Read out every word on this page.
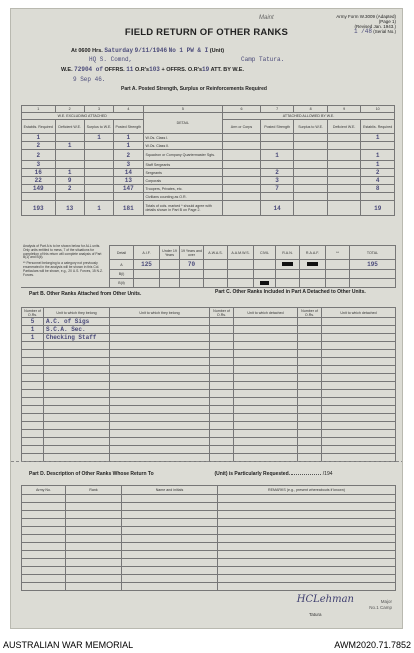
Maint	Army Form W.3009 (Adapted)
(Page 1)
(Revised Jan. 1943.)
1 /48 (Serial No.)
FIELD RETURN OF OTHER RANKS
At 0600 Hrs. Saturday 9/11/1946 No 1 PW & I (Unit)
HQ S. Comnd,	Camp Tatura.
W.E. 72904 of OFFRS. 11 O.R's103 + OFFRS. O.R's19 ATT. BY W.E.
9 Sep 46.
Part A. Posted Strength, Surplus or Reinforcements Required
1	2	3	4	5	6	7	8	9	10
W.E. EXCLUDING ATTACHED				DETAIL	ATTACHED ALLOWED BY W.E.				
Establis. Required	Deficient W.E.	Surplus to W.E.	Posted Strength		Arm or Corps	Posted Strength	Surplus to W.E.	Deficient W.E.	Establis. Required
1		1	1	W.Os. Class I.					1
2	1		1	W.Os. Class II.					
2			2	Squadron or Company Quartermaster Sgts.		1			1
3			3	Staff Sergeants					1
16	1		14	Sergeants		2			2
22	9		13	Corporals		3			4
149	2		147	Troopers, Privates, etc.		7			8
				Civilians counting as O.R.					
193	13	1	181	Totals of cols. marked * should agree with details shown in Part B on Page 2.		14			19
Analysis of Part A is to be shown below for ALL units. Only units entitled to mess, 7 of the situations for completion of this return will complete analysis of Part B(1) and B(ii).
** Personnel belonging to a category not previously enumerated in the analysis will be shown in this Col. Particulars will be shown, e.g., 20 U.S. Forces, 15 N.Z. Forces.
Detail	A.I.F.	Under 19 Years	19 Years and over	A.W.A.S.	A.A.M.W.S.	CIVIL	R.A.N.	R.A.A.F.	**	TOTAL
A	125		70							195
B(i)										
B(ii)										
Part B. Other Ranks Attached from Other Units.	Part C. Other Ranks Included in Part A Detached to Other Units.
Number of O.Rs.	Unit to which they belong	Unit to which they belong
5	A.C. of Sigs	
1	S.C.A. Sec.	
1	Checking Staff	

Number of O.Rs.	Unit to which detached	Number of O.Rs.	Unit to which detached

Part D. Description of Other Ranks Whose Return To	(Unit) is Particularly Requested.	/194
Army No.	Rank	Name and initials	REMARKS (e.g., present whereabouts if known)

HCLehman	Major
No.1 Camp
Tatura
AUSTRALIAN WAR MEMORIAL	AWM2020.71.7852
